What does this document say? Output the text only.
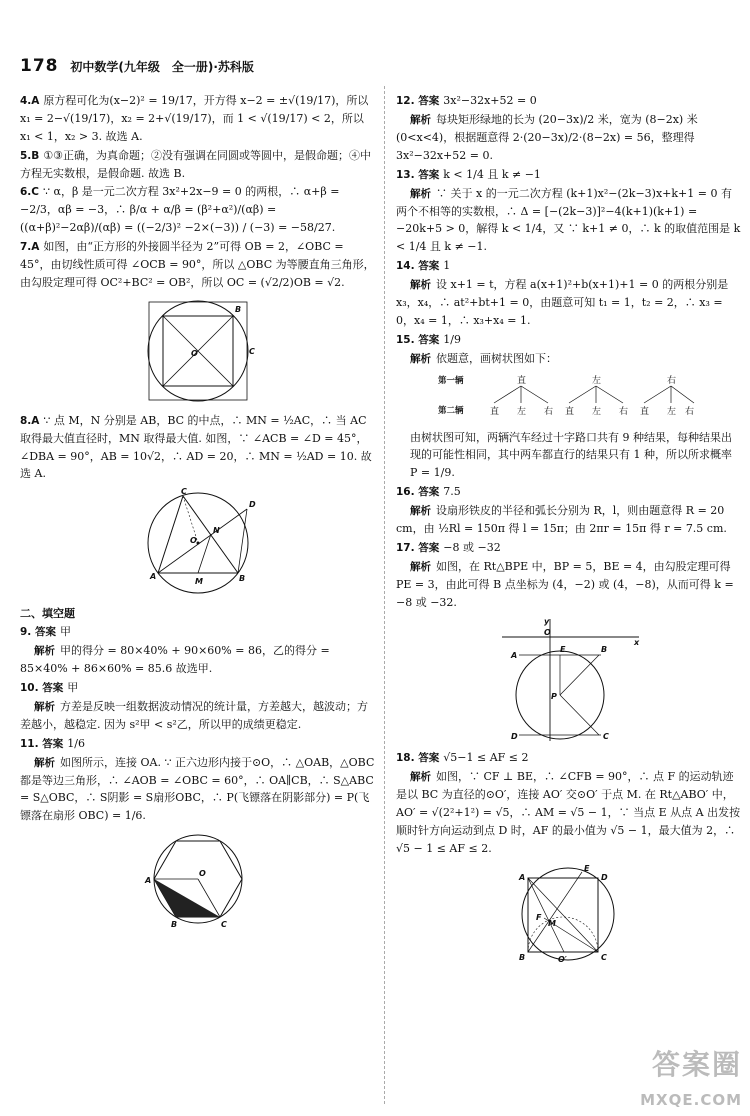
178 初中数学(九年级　全一册)·苏科版

4.A 原方程可化为(x−2)² = 19/17，开方得 x−2 = ±√(19/17)，所以 x₁ = 2−√(19/17)，x₂ = 2+√(19/17)，而 1 < √(19/17) < 2，所以 x₁ < 1，x₂ > 3. 故选 A.

5.B ①③正确，为真命题；②没有强调在同圆或等圆中，是假命题；④中方程无实数根，是假命题. 故选 B.

6.C ∵ α，β 是一元二次方程 3x²+2x−9 = 0 的两根，∴ α+β = −2/3，αβ = −3，∴ β/α + α/β = (β²+α²)/(αβ) = ((α+β)²−2αβ)/(αβ) = ((−2/3)² −2×(−3)) / (−3) = −58/27.

7.A 如图，由“正方形的外接圆半径为 2”可得 OB = 2，∠OBC = 45°，由切线性质可得 ∠OCB = 90°，所以 △OBC 为等腰直角三角形，由勾股定理可得 OC²+BC² = OB²，所以 OC = (√2/2)OB = √2.

B
O	C

8.A ∵ 点 M，N 分别是 AB，BC 的中点，∴ MN = ½AC，∴ 当 AC 取得最大值直径时，MN 取得最大值. 如图，∵ ∠ACB = ∠D = 45°，∠DBA = 90°，AB = 10√2，∴ AD = 20，∴ MN = ½AD = 10. 故选 A.

C
D
O
N
A
M	B
二、填空题

9. 答案 甲

解析 甲的得分 = 80×40% + 90×60% = 86，乙的得分 = 85×40% + 86×60% = 85.6 故选甲.

10. 答案 甲

解析 方差是反映一组数据波动情况的统计量，方差越大，越波动；方差越小，越稳定. 因为 s²甲 < s²乙，所以甲的成绩更稳定.

11. 答案 1/6

解析 如图所示，连接 OA. ∵ 正六边形内接于⊙O，∴ △OAB，△OBC 都是等边三角形，∴ ∠AOB = ∠OBC = 60°，∴ OA∥CB，∴ S△ABC = S△OBC，∴ S阴影 = S扇形OBC，∴ P(飞镖落在阴影部分) = P(飞镖落在扇形 OBC) = 1/6.

A
O
B	C

12. 答案 3x²−32x+52 = 0

解析 每块矩形绿地的长为 (20−3x)/2 米，宽为 (8−2x) 米 (0<x<4)，根据题意得 2·(20−3x)/2·(8−2x) = 56，整理得 3x²−32x+52 = 0.

13. 答案 k < 1/4 且 k ≠ −1

解析 ∵ 关于 x 的一元二次方程 (k+1)x²−(2k−3)x+k+1 = 0 有两个不相等的实数根，∴ Δ = [−(2k−3)]²−4(k+1)(k+1) = −20k+5 > 0，解得 k < 1/4，又 ∵ k+1 ≠ 0，∴ k 的取值范围是 k < 1/4 且 k ≠ −1.

14. 答案 1

解析 设 x+1 = t，方程 a(x+1)²+b(x+1)+1 = 0 的两根分别是 x₃，x₄，∴ at²+bt+1 = 0，由题意可知 t₁ = 1，t₂ = 2，∴ x₃ = 0，x₄ = 1，∴ x₃+x₄ = 1.

15. 答案 1/9

解析 依题意，画树状图如下：

第一辆
第二辆
直	左	右
直 左 右 直 左 右 直 左 右

由树状图可知，两辆汽车经过十字路口共有 9 种结果，每种结果出现的可能性相同，其中两车都直行的结果只有 1 种，所以所求概率 P = 1/9.

16. 答案 7.5

解析 设扇形铁皮的半径和弧长分别为 R，l，则由题意得 R = 20 cm，由 ½Rl = 150π 得 l = 15π；由 2πr = 15π 得 r = 7.5 cm.

17. 答案 −8 或 −32

解析 如图，在 Rt△BPE 中，BP = 5，BE = 4，由勾股定理可得 PE = 3，由此可得 B 点坐标为 (4，−2) 或 (4，−8)，从而可得 k = −8 或 −32.

y
O
x
A
E	B
P
C
D

18. 答案 √5−1 ≤ AF ≤ 2

解析 如图，∵ CF ⊥ BE，∴ ∠CFB = 90°，∴ 点 F 的运动轨迹是以 BC 为直径的⊙O′，连接 AO′ 交⊙O′ 于点 M. 在 Rt△ABO′ 中，AO′ = √(2²+1²) = √5，∴ AM = √5 − 1，∵ 当点 E 从点 A 出发按顺时针方向运动到点 D 时，AF 的最小值为 √5 − 1，最大值为 2，∴ √5 − 1 ≤ AF ≤ 2.

E
A	D
F
M
B	O′	C
答案圈
MXQE.COM
